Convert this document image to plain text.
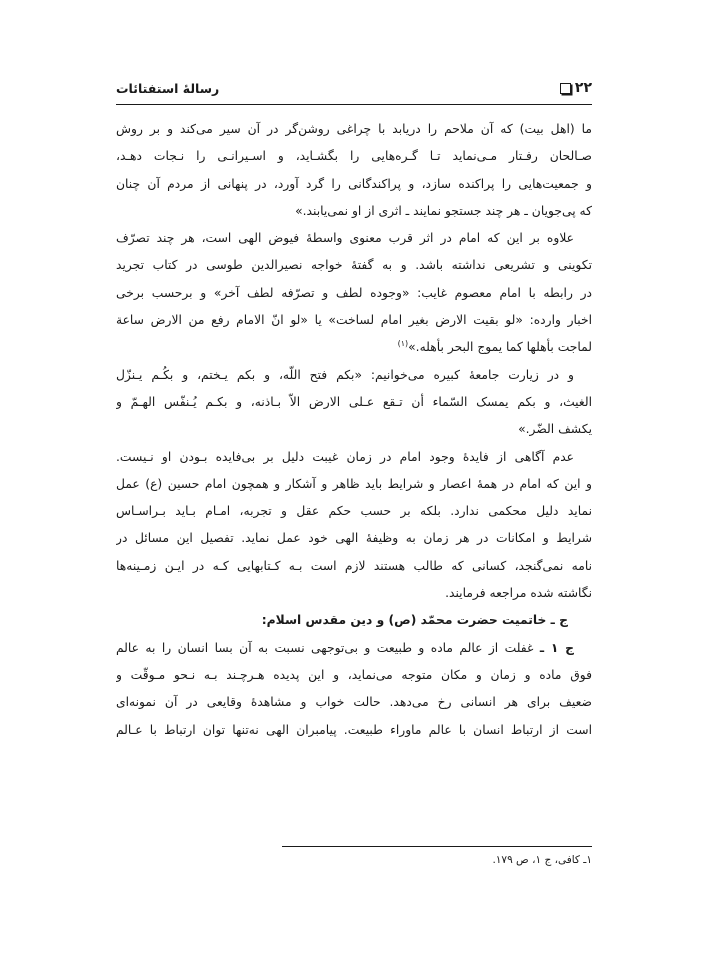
۲۲
رسالهٔ استفتائات
ما (اهل بیت) که آن ملاحم را دریابد با چراغی روشن‌گر در آن سیر می‌کند و بر روش
صـالحان رفـتار مـی‌نماید تـا گـره‌هایی را بگشـاید، و اسـیرانـی را نـجات دهـد،
و جمعیت‌هایی را پراکنده سازد، و پراکندگانی را گرد آورد، در پنهانی از مردم آن چنان
که پی‌جویان ـ هر چند جستجو نمایند ـ اثری از او نمی‌یابند.»
علاوه بر این که امام در اثر قرب معنوی واسطهٔ فیوض الهی است، هر چند تصرّف
تکوینی و تشریعی نداشته باشد. و به گفتهٔ خواجه نصیرالدین طوسی در کتاب تجرید
در رابطه با امام معصوم غایب: «وجوده لطف و تصرّفه لطف آخر» و برحسب برخی
اخبار وارده: «لو بقیت الارض بغیر امام لساخت» یا «لو انّ الامام رفع من الارض ساعة
لماجت بأهلها کما یموج البحر بأهله.»$^{(۱)}$
و در زیارت جامعهٔ کبیره می‌خوانیم: «بکم فتح اللّه، و بکم یـختم، و بکُـم یـنزّل
الغیث، و بکم یمسک السّماء أن تـقع عـلی الارض الاّ بـاذنه، و بکـم یُـنفّس الهـمّ و
یکشف الضّر.»
عدم آگاهی از فایدهٔ وجود امام در زمان غیبت دلیل بر بی‌فایده بـودن او نـیست.
و این که امام در همهٔ اعصار و شرایط باید ظاهر و آشکار و همچون امام حسین (ع) عمل
نماید دلیل محکمی ندارد. بلکه بر حسب حکم عقل و تجربه، امـام بـاید بـراسـاس
شرایط و امکانات در هر زمان به وظیفهٔ الهی خود عمل نماید. تفصیل این مسائل در
نامه نمی‌گنجد، کسانی که طالب هستند لازم است بـه کـتابهایی کـه در ایـن زمـینه‌ها
نگاشته شده مراجعه فرمایند.
ج ـ خاتمیت حضرت محمّد (ص) و دین مقدس اسلام:
ج ۱ ـ غفلت از عالم ماده و طبیعت و بی‌توجهی نسبت به آن بسا انسان را به عالم
فوق ماده و زمان و مکان متوجه می‌نماید، و این پدیده هـرچـند بـه نـحو مـوقّت و
ضعیف برای هر انسانی رخ می‌دهد. حالت خواب و مشاهدهٔ وقایعی در آن نمونه‌ای
است از ارتباط انسان با عالم ماوراء طبیعت. پیامبران الهی نه‌تنها توان ارتباط با عـالم
۱ـ کافی، ج ۱، ص ۱۷۹.
